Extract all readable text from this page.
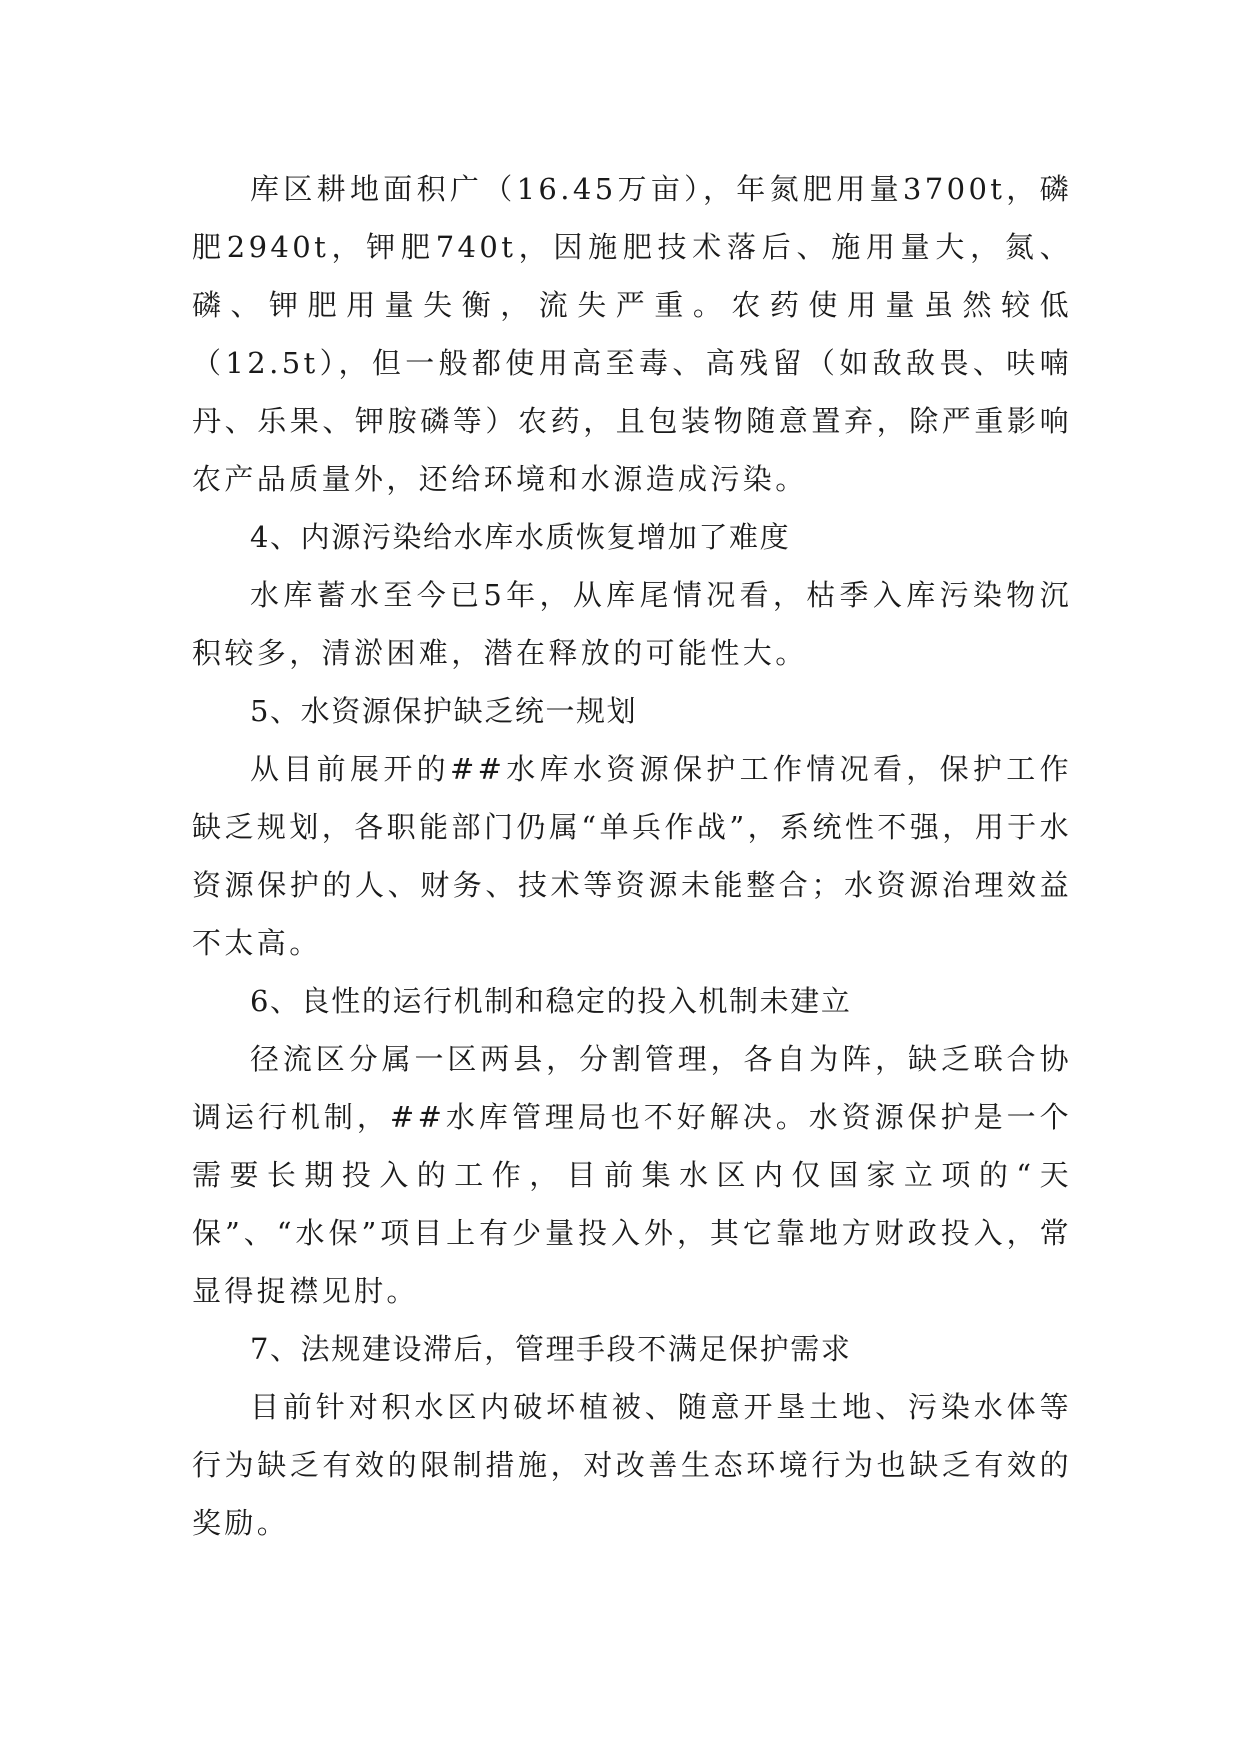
库区耕地面积广（16.45万亩），年氮肥用量3700t，磷肥2940t，钾肥740t，因施肥技术落后、施用量大，氮、磷、钾肥用量失衡，流失严重。农药使用量虽然较低（12.5t），但一般都使用高至毒、高残留（如敌敌畏、呋喃丹、乐果、钾胺磷等）农药，且包装物随意置弃，除严重影响农产品质量外，还给环境和水源造成污染。

4、内源污染给水库水质恢复增加了难度

水库蓄水至今已5年，从库尾情况看，枯季入库污染物沉积较多，清淤困难，潜在释放的可能性大。

5、水资源保护缺乏统一规划

从目前展开的##水库水资源保护工作情况看，保护工作缺乏规划，各职能部门仍属“单兵作战”，系统性不强，用于水资源保护的人、财务、技术等资源未能整合；水资源治理效益不太高。

6、良性的运行机制和稳定的投入机制未建立

径流区分属一区两县，分割管理，各自为阵，缺乏联合协调运行机制，##水库管理局也不好解决。水资源保护是一个需要长期投入的工作，目前集水区内仅国家立项的“天保”、“水保”项目上有少量投入外，其它靠地方财政投入，常显得捉襟见肘。

7、法规建设滞后，管理手段不满足保护需求

目前针对积水区内破坏植被、随意开垦土地、污染水体等行为缺乏有效的限制措施，对改善生态环境行为也缺乏有效的奖励。
